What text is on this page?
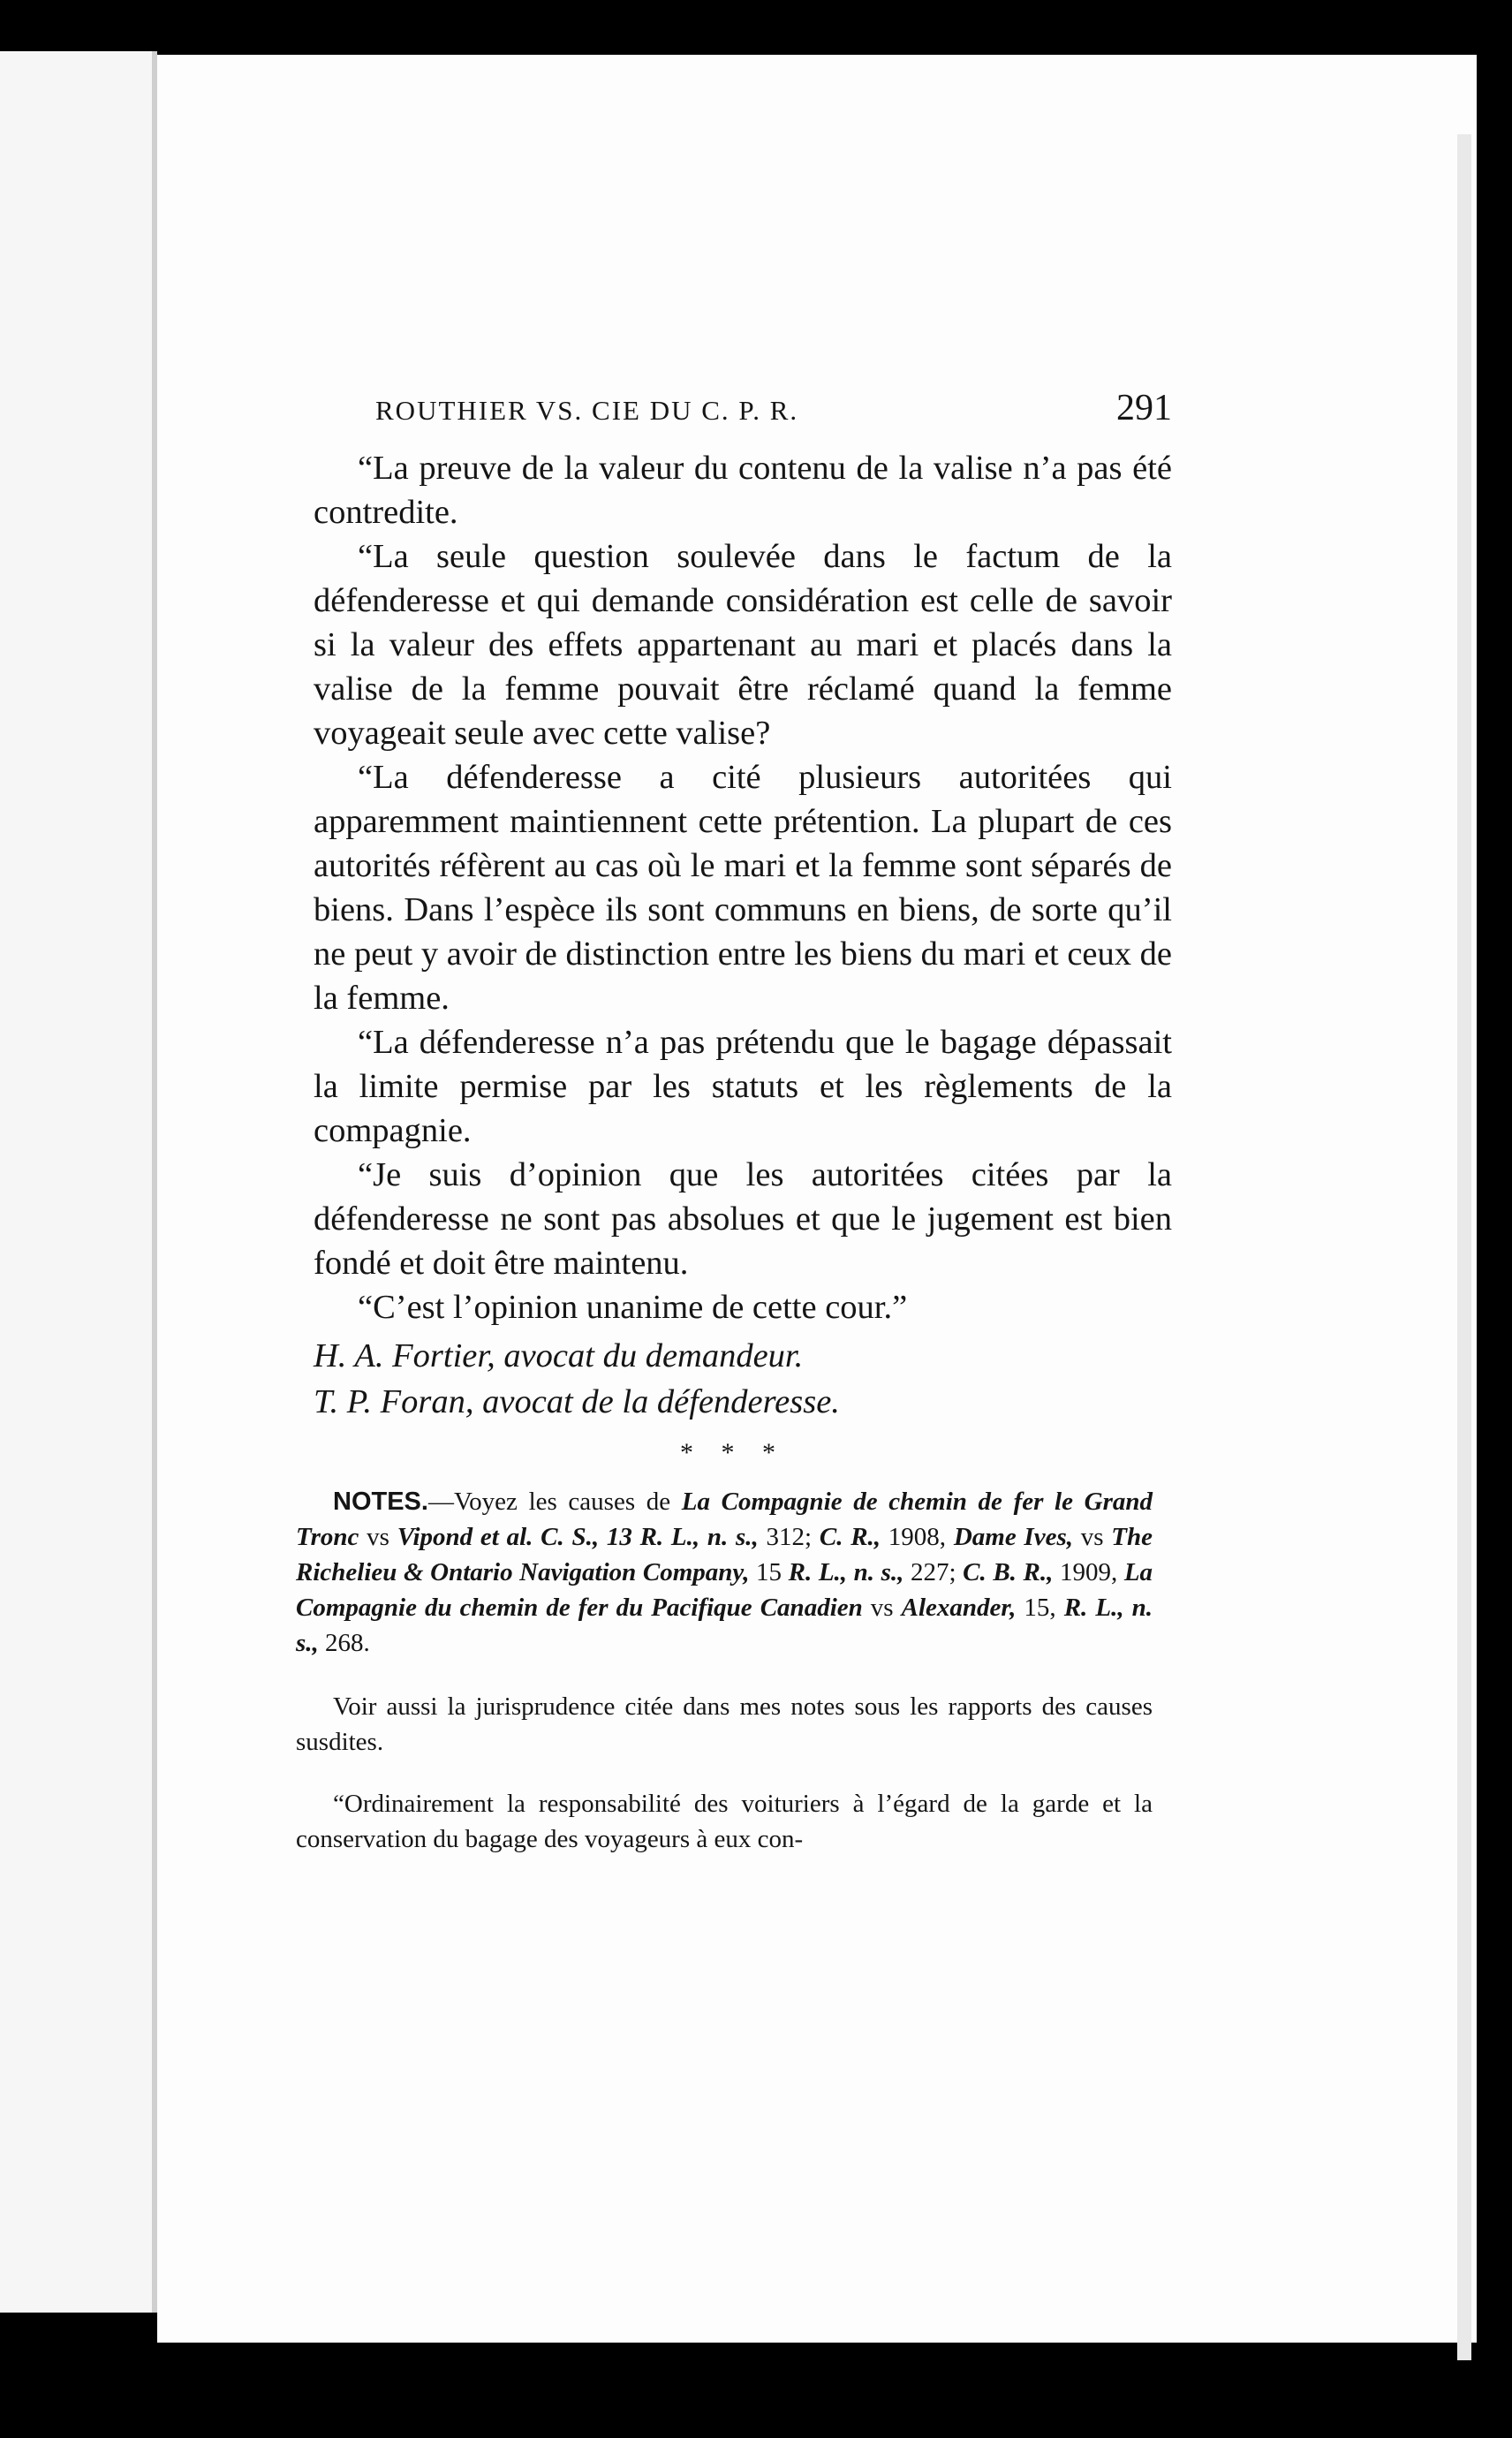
ROUTHIER VS. CIE DU C. P. R.	291

“La preuve de la valeur du contenu de la valise n’a pas été contredite.

“La seule question soulevée dans le factum de la défenderesse et qui demande considération est celle de savoir si la valeur des effets appartenant au mari et placés dans la valise de la femme pouvait être réclamé quand la femme voyageait seule avec cette valise?

“La défenderesse a cité plusieurs autoritées qui apparemment maintiennent cette prétention. La plupart de ces autorités réfèrent au cas où le mari et la femme sont séparés de biens. Dans l’espèce ils sont communs en biens, de sorte qu’il ne peut y avoir de distinction entre les biens du mari et ceux de la femme.

“La défenderesse n’a pas prétendu que le bagage dépassait la limite permise par les statuts et les règlements de la compagnie.

“Je suis d’opinion que les autoritées citées par la défenderesse ne sont pas absolues et que le jugement est bien fondé et doit être maintenu.

“C’est l’opinion unanime de cette cour.”

H. A. Fortier, avocat du demandeur.

T. P. Foran, avocat de la défenderesse.

* * *

NOTES.—Voyez les causes de La Compagnie de chemin de fer le Grand Tronc vs Vipond et al. C. S., 13 R. L., n. s., 312; C. R., 1908, Dame Ives, vs The Richelieu & Ontario Navigation Company, 15 R. L., n. s., 227; C. B. R., 1909, La Compagnie du chemin de fer du Pacifique Canadien vs Alexander, 15, R. L., n. s., 268.

Voir aussi la jurisprudence citée dans mes notes sous les rapports des causes susdites.

“Ordinairement la responsabilité des voituriers à l’égard de la garde et la conservation du bagage des voyageurs à eux con-
